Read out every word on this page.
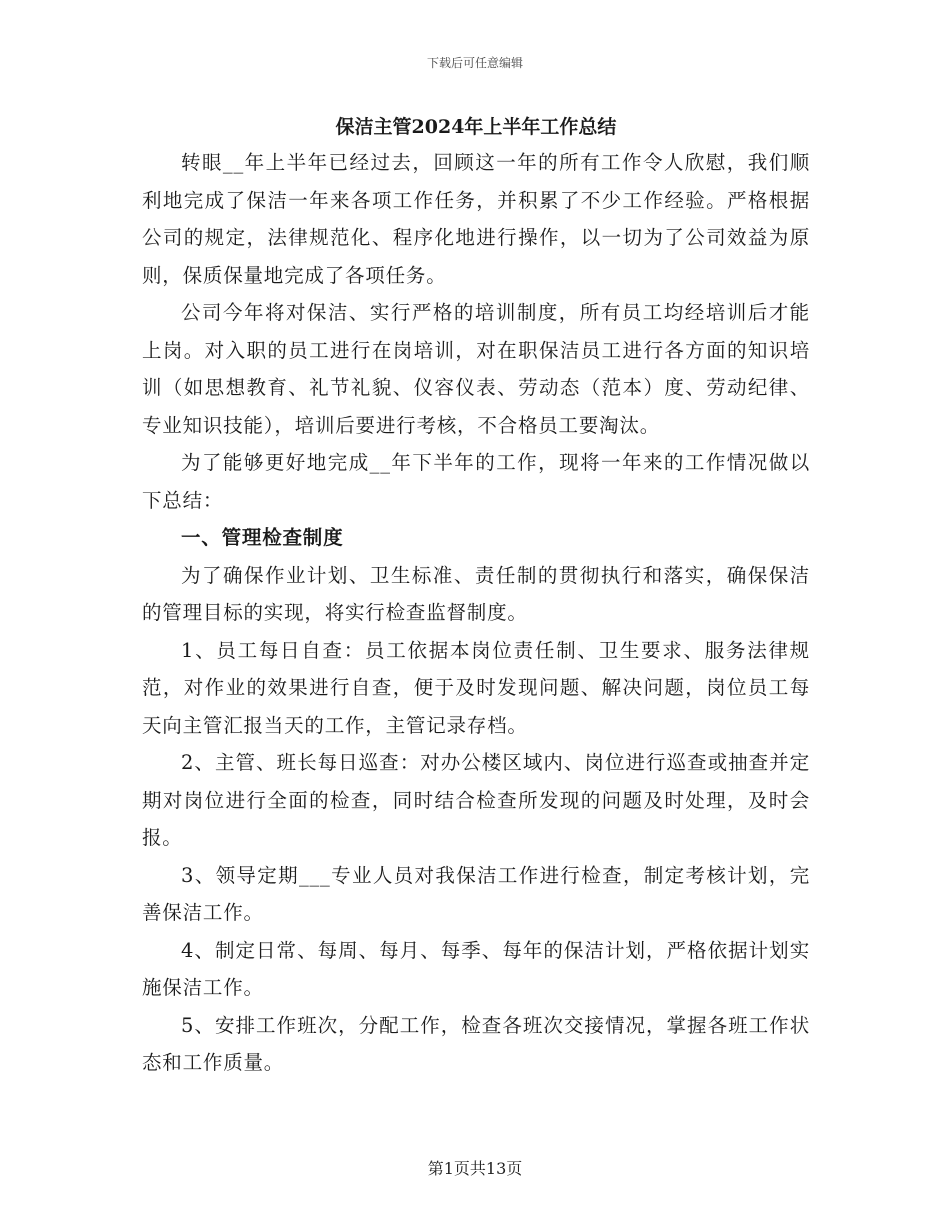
下载后可任意编辑
保洁主管2024年上半年工作总结

转眼__年上半年已经过去，回顾这一年的所有工作令人欣慰，我们顺利地完成了保洁一年来各项工作任务，并积累了不少工作经验。严格根据公司的规定，法律规范化、程序化地进行操作，以一切为了公司效益为原则，保质保量地完成了各项任务。

公司今年将对保洁、实行严格的培训制度，所有员工均经培训后才能上岗。对入职的员工进行在岗培训，对在职保洁员工进行各方面的知识培训（如思想教育、礼节礼貌、仪容仪表、劳动态（范本）度、劳动纪律、专业知识技能），培训后要进行考核，不合格员工要淘汰。

为了能够更好地完成__年下半年的工作，现将一年来的工作情况做以下总结：

一、管理检查制度

为了确保作业计划、卫生标准、责任制的贯彻执行和落实，确保保洁的管理目标的实现，将实行检查监督制度。

1、员工每日自查：员工依据本岗位责任制、卫生要求、服务法律规范，对作业的效果进行自查，便于及时发现问题、解决问题，岗位员工每天向主管汇报当天的工作，主管记录存档。

2、主管、班长每日巡查：对办公楼区域内、岗位进行巡查或抽查并定期对岗位进行全面的检查，同时结合检查所发现的问题及时处理，及时会报。

3、领导定期___专业人员对我保洁工作进行检查，制定考核计划，完善保洁工作。

4、制定日常、每周、每月、每季、每年的保洁计划，严格依据计划实施保洁工作。

5、安排工作班次，分配工作，检查各班次交接情况，掌握各班工作状态和工作质量。

第1页共13页
